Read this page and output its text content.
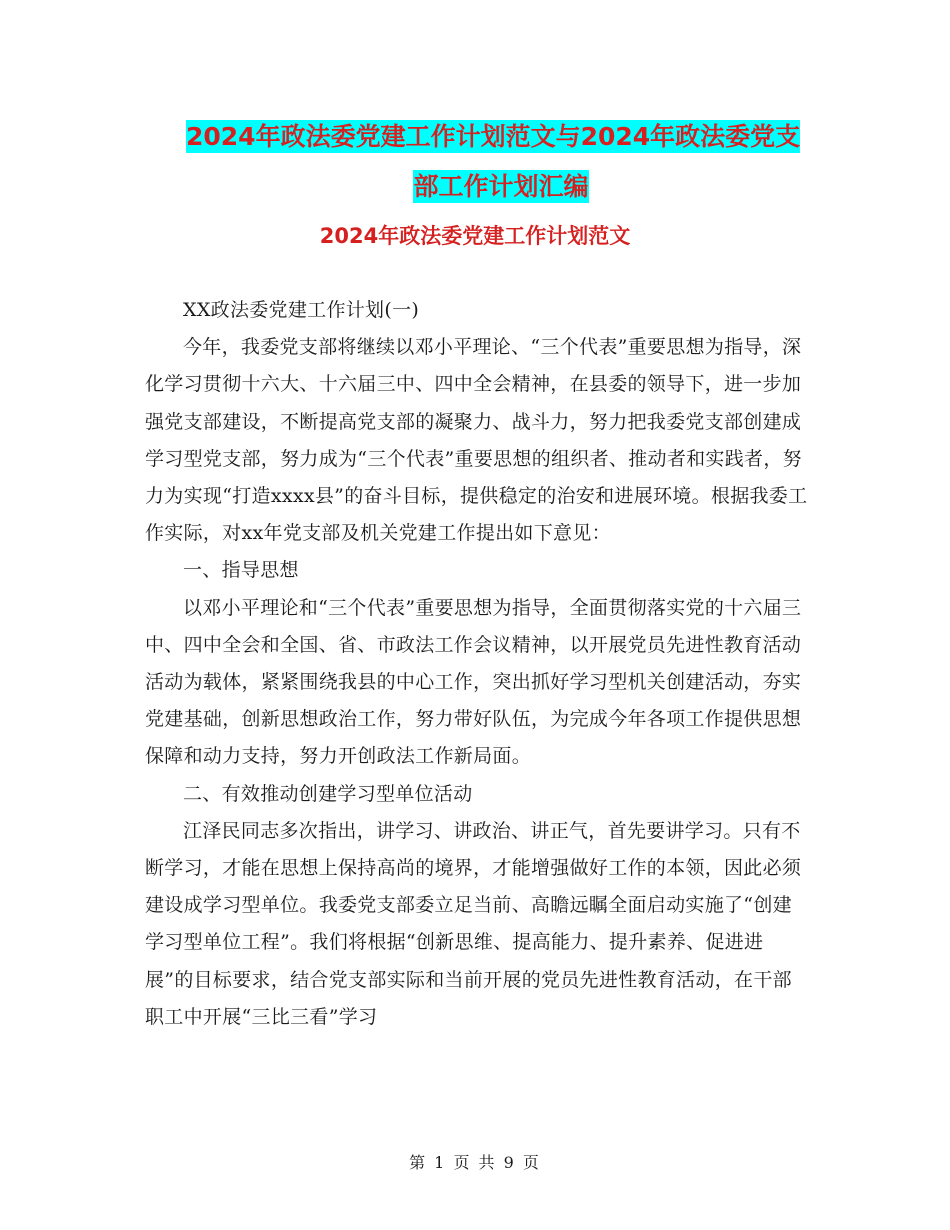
2024年政法委党建工作计划范文与2024年政法委党支
部工作计划汇编
2024年政法委党建工作计划范文

XX政法委党建工作计划(一)

今年，我委党支部将继续以邓小平理论、“三个代表”重要思想为指导，深化学习贯彻十六大、十六届三中、四中全会精神，在县委的领导下，进一步加强党支部建设，不断提高党支部的凝聚力、战斗力，努力把我委党支部创建成学习型党支部，努力成为“三个代表”重要思想的组织者、推动者和实践者，努力为实现“打造xxxx县”的奋斗目标，提供稳定的治安和进展环境。根据我委工作实际，对xx年党支部及机关党建工作提出如下意见：

一、指导思想

以邓小平理论和“三个代表”重要思想为指导，全面贯彻落实党的十六届三中、四中全会和全国、省、市政法工作会议精神，以开展党员先进性教育活动活动为载体，紧紧围绕我县的中心工作，突出抓好学习型机关创建活动，夯实党建基础，创新思想政治工作，努力带好队伍，为完成今年各项工作提供思想保障和动力支持，努力开创政法工作新局面。

二、有效推动创建学习型单位活动

江泽民同志多次指出，讲学习、讲政治、讲正气，首先要讲学习。只有不断学习，才能在思想上保持高尚的境界，才能增强做好工作的本领，因此必须建设成学习型单位。我委党支部委立足当前、高瞻远瞩全面启动实施了“创建学习型单位工程”。我们将根据“创新思维、提高能力、提升素养、促进进展”的目标要求，结合党支部实际和当前开展的党员先进性教育活动，在干部职工中开展“三比三看”学习

第 1 页 共 9 页
